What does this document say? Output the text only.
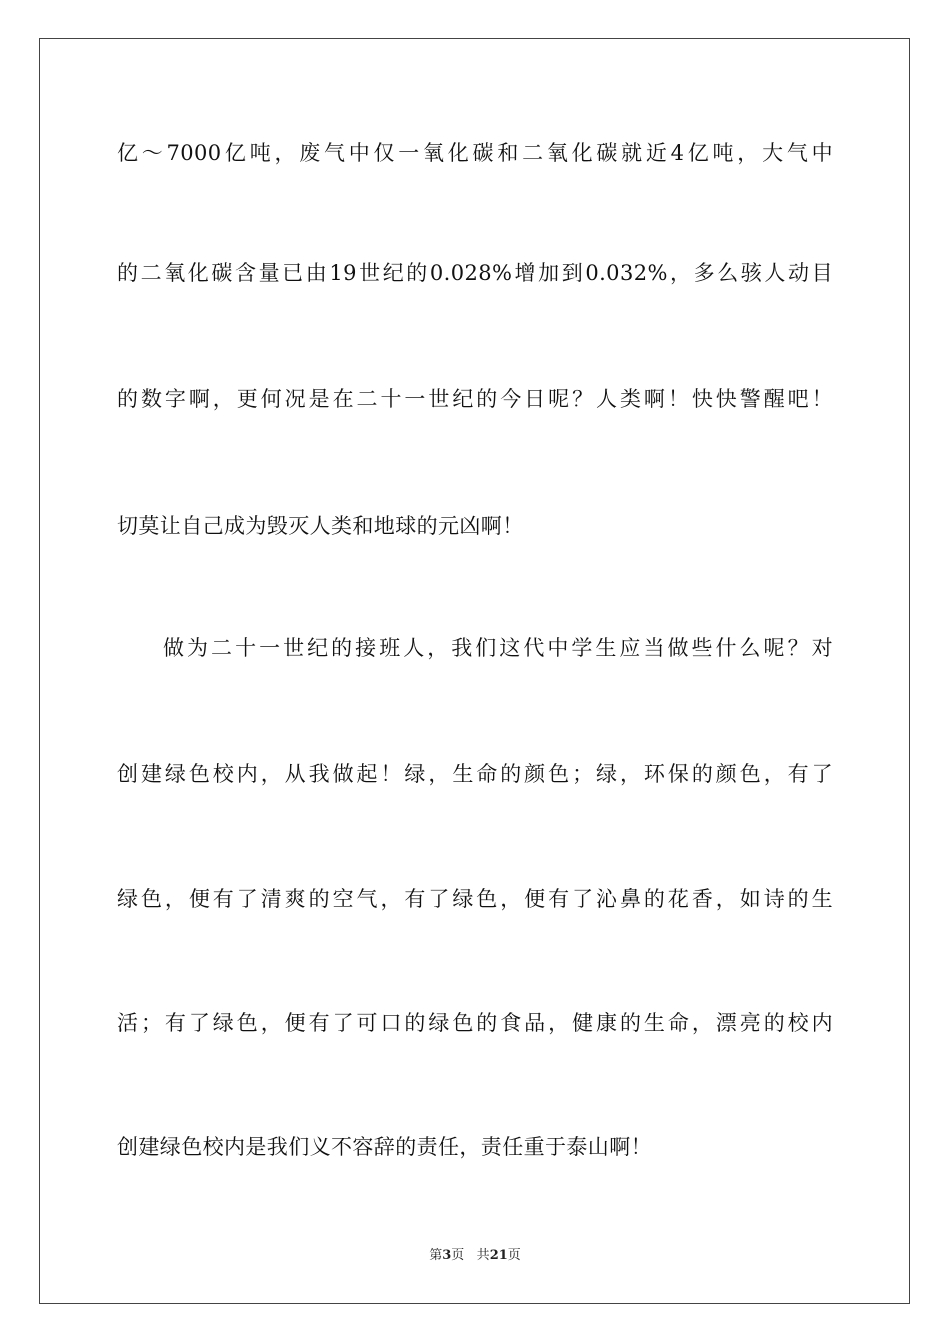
亿～7000亿吨，废气中仅一氧化碳和二氧化碳就近4亿吨，大气中
的二氧化碳含量已由19世纪的0.028%增加到0.032%，多么骇人动目
的数字啊，更何况是在二十一世纪的今日呢？人类啊！快快警醒吧！
切莫让自己成为毁灭人类和地球的元凶啊！
做为二十一世纪的接班人，我们这代中学生应当做些什么呢？对
创建绿色校内，从我做起！绿，生命的颜色；绿，环保的颜色，有了
绿色，便有了清爽的空气，有了绿色，便有了沁鼻的花香，如诗的生
活；有了绿色，便有了可口的绿色的食品，健康的生命，漂亮的校内
创建绿色校内是我们义不容辞的责任，责任重于泰山啊！
第3页 共21页
